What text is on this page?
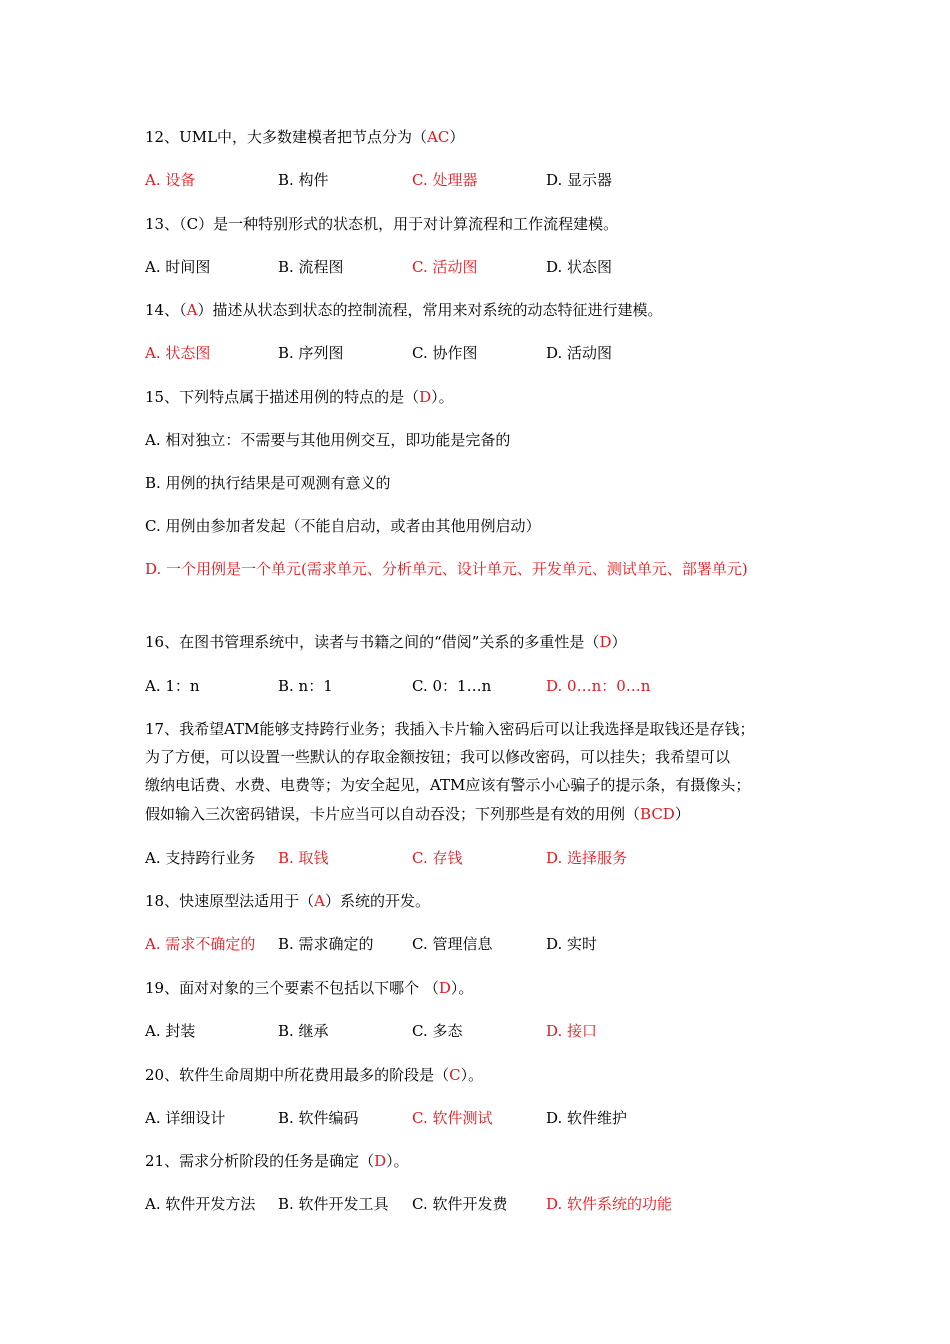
12、UML中，大多数建模者把节点分为（AC）
A. 设备	B. 构件	C. 处理器	D. 显示器
13、（C）是一种特别形式的状态机，用于对计算流程和工作流程建模。
A. 时间图	B. 流程图	C. 活动图	D. 状态图
14、（A）描述从状态到状态的控制流程，常用来对系统的动态特征进行建模。
A. 状态图	B. 序列图	C. 协作图	D. 活动图
15、下列特点属于描述用例的特点的是（D）。
A. 相对独立：不需要与其他用例交互，即功能是完备的
B. 用例的执行结果是可观测有意义的
C. 用例由参加者发起（不能自启动，或者由其他用例启动）
D. 一个用例是一个单元(需求单元、分析单元、设计单元、开发单元、测试单元、部署单元)
16、在图书管理系统中，读者与书籍之间的“借阅”关系的多重性是（D）
A. 1：n	B. n：1	C. 0：1…n	D. 0…n：0…n
17、我希望ATM能够支持跨行业务；我插入卡片输入密码后可以让我选择是取钱还是存钱；
为了方便，可以设置一些默认的存取金额按钮；我可以修改密码，可以挂失；我希望可以
缴纳电话费、水费、电费等；为安全起见，ATM应该有警示小心骗子的提示条，有摄像头；
假如输入三次密码错误，卡片应当可以自动吞没；下列那些是有效的用例（BCD）
A. 支持跨行业务 B. 取钱	C. 存钱	D. 选择服务
18、快速原型法适用于（A）系统的开发。
A. 需求不确定的 B. 需求确定的	C. 管理信息	D. 实时
19、面对对象的三个要素不包括以下哪个 （D）。
A. 封装	B. 继承	C. 多态	D. 接口
20、软件生命周期中所花费用最多的阶段是（C）。
A. 详细设计	B. 软件编码	C. 软件测试	D. 软件维护
21、需求分析阶段的任务是确定（D）。
A. 软件开发方法 B. 软件开发工具 C. 软件开发费	D. 软件系统的功能
